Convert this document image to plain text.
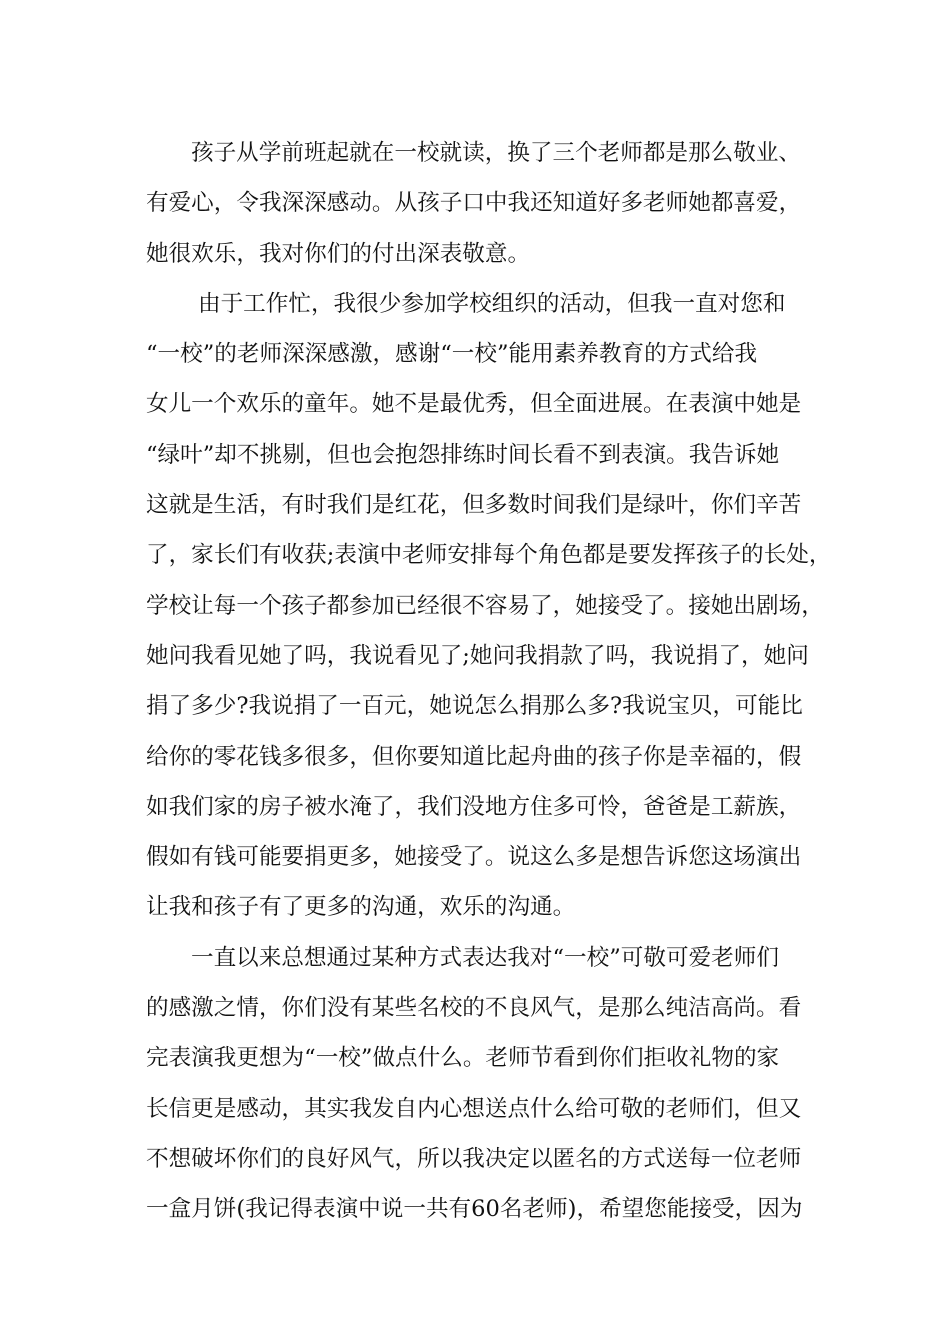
孩子从学前班起就在一校就读，换了三个老师都是那么敬业、
有爱心，令我深深感动。从孩子口中我还知道好多老师她都喜爱，
她很欢乐，我对你们的付出深表敬意。
由于工作忙，我很少参加学校组织的活动，但我一直对您和
“一校”的老师深深感激，感谢“一校”能用素养教育的方式给我
女儿一个欢乐的童年。她不是最优秀，但全面进展。在表演中她是
“绿叶”却不挑剔，但也会抱怨排练时间长看不到表演。我告诉她
这就是生活，有时我们是红花，但多数时间我们是绿叶，你们辛苦
了，家长们有收获;表演中老师安排每个角色都是要发挥孩子的长处，
学校让每一个孩子都参加已经很不容易了，她接受了。接她出剧场，
她问我看见她了吗，我说看见了;她问我捐款了吗，我说捐了，她问
捐了多少?我说捐了一百元，她说怎么捐那么多?我说宝贝，可能比
给你的零花钱多很多，但你要知道比起舟曲的孩子你是幸福的，假
如我们家的房子被水淹了，我们没地方住多可怜，爸爸是工薪族，
假如有钱可能要捐更多，她接受了。说这么多是想告诉您这场演出
让我和孩子有了更多的沟通，欢乐的沟通。
一直以来总想通过某种方式表达我对“一校”可敬可爱老师们
的感激之情，你们没有某些名校的不良风气，是那么纯洁高尚。看
完表演我更想为“一校”做点什么。老师节看到你们拒收礼物的家
长信更是感动，其实我发自内心想送点什么给可敬的老师们，但又
不想破坏你们的良好风气，所以我决定以匿名的方式送每一位老师
一盒月饼(我记得表演中说一共有60名老师)，希望您能接受，因为
